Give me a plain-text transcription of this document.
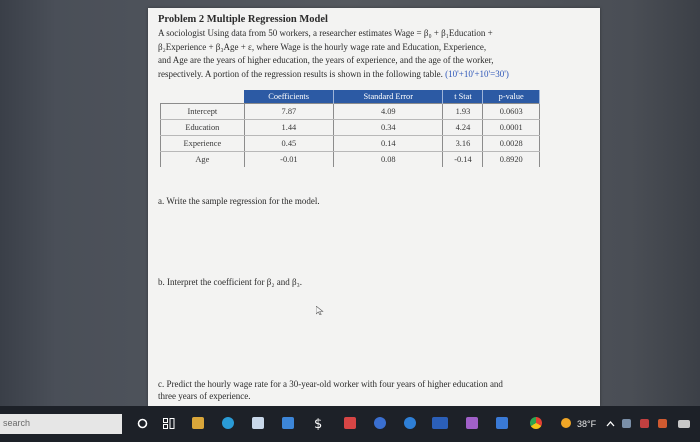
Problem 2 Multiple Regression Model

A sociologist Using data from 50 workers, a researcher estimates Wage = β₀ + β₁Education +
β₂Experience + β₃Age + ε, where Wage is the hourly wage rate and Education, Experience,
and Age are the years of higher education, the years of experience, and the age of the worker,
respectively. A portion of the regression results is shown in the following table. (10'+10'+10'=30')

	Coefficients	Standard Error	t Stat	p-value
Intercept	7.87	4.09	1.93	0.0603
Education	1.44	0.34	4.24	0.0001
Experience	0.45	0.14	3.16	0.0028
Age	-0.01	0.08	-0.14	0.8920
a. Write the sample regression for the model.
b. Interpret the coefficient for β₂ and β₃.
c. Predict the hourly wage rate for a 30-year-old worker with four years of higher education and
three years of experience.
search	$	38°F
